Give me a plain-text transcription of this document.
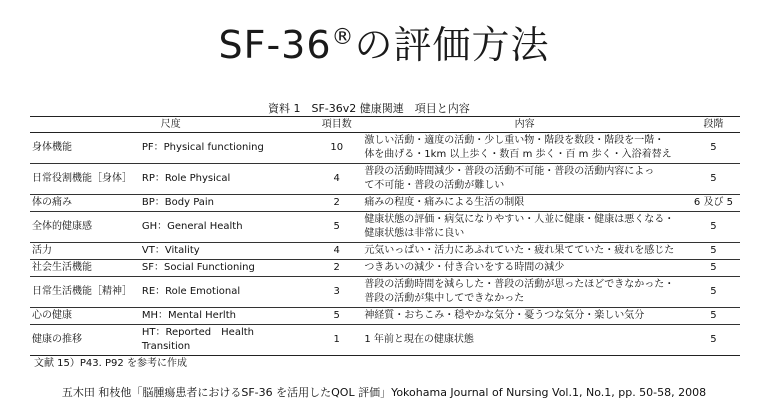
SF-36®の評価方法
資料 1　SF-36v2 健康関連　項目と内容
尺度		項目数	内容	段階
身体機能	PF：Physical functioning	10	激しい活動・適度の活動・少し重い物・階段を数段・階段を一階・
体を曲げる・1km 以上歩く・数百 m 歩く・百 m 歩く・入浴着替え	5
日常役割機能［身体］	RP：Role Physical	4	普段の活動時間減少・普段の活動不可能・普段の活動内容によっ
て不可能・普段の活動が難しい	5
体の痛み	BP：Body Pain	2	痛みの程度・痛みによる生活の制限	6 及び 5
全体的健康感	GH：General Health	5	健康状態の評価・病気になりやすい・人並に健康・健康は悪くなる・
健康状態は非常に良い	5
活力	VT：Vitality	4	元気いっぱい・活力にあふれていた・疲れ果てていた・疲れを感じた	5
社会生活機能	SF：Social Functioning	2	つきあいの減少・付き合いをする時間の減少	5
日常生活機能［精神］	RE：Role Emotional	3	普段の活動時間を減らした・普段の活動が思ったほどできなかった・
普段の活動が集中してできなかった	5
心の健康	MH：Mental Herlth	5	神経質・おちこみ・穏やかな気分・憂うつな気分・楽しい気分	5
健康の推移	HT：Reported　Health　Transition	1	1 年前と現在の健康状態	5
文献 15）P43. P92 を参考に作成
五木田 和枝他「脳腫瘍患者におけるSF-36 を活用したQOL 評価」Yokohama Journal of Nursing Vol.1, No.1, pp. 50-58, 2008
